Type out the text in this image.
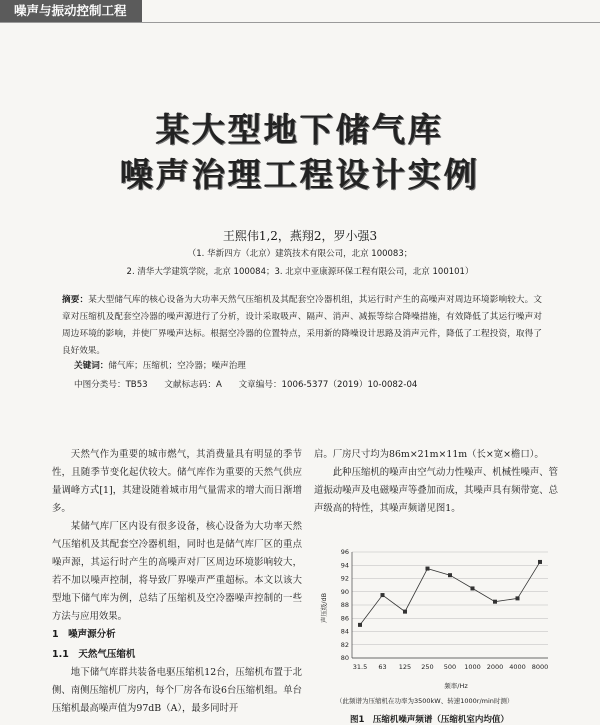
噪声与振动控制工程
某大型地下储气库
噪声治理工程设计实例
王熙伟1,2，燕翔2，罗小强3
（1. 华新四方（北京）建筑技术有限公司，北京 100083；
2. 清华大学建筑学院，北京 100084；3. 北京中亚康源环保工程有限公司，北京 100101）
摘要：某大型储气库的核心设备为大功率天然气压缩机及其配套空冷器机组，其运行时产生的高噪声对周边环境影响较大。文章对压缩机及配套空冷器的噪声源进行了分析，设计采取吸声、隔声、消声、减振等综合降噪措施，有效降低了其运行噪声对周边环境的影响，并使厂界噪声达标。根据空冷器的位置特点，采用新的降噪设计思路及消声元件，降低了工程投资，取得了良好效果。
关键词：储气库；压缩机；空冷器；噪声治理
中图分类号：TB53 文献标志码：A 文章编号：1006-5377（2019）10-0082-04

天然气作为重要的城市燃气，其消费量具有明显的季节性，且随季节变化起伏较大。储气库作为重要的天然气供应量调峰方式[1]，其建设随着城市用气量需求的增大而日渐增多。

某储气库厂区内设有很多设备，核心设备为大功率天然气压缩机及其配套空冷器机组，同时也是储气库厂区的重点噪声源，其运行时产生的高噪声对厂区周边环境影响较大，若不加以噪声控制，将导致厂界噪声严重超标。本文以该大型地下储气库为例，总结了压缩机及空冷器噪声控制的一些方法与应用效果。

1　噪声源分析
1.1　天然气压缩机

地下储气库群共装备电驱压缩机12台，压缩机布置于北侧、南侧压缩机厂房内，每个厂房各布设6台压缩机组。单台压缩机最高噪声值为97dB（A），最多同时开

启。厂房尺寸均为86m×21m×11m（长×宽×檐口）。

此种压缩机的噪声由空气动力性噪声、机械性噪声、管道振动噪声及电磁噪声等叠加而成，其噪声具有频带宽、总声级高的特性，其噪声频谱见图1。

80
82
84
86
88
90
92
94
96
31.5 63 125 250 500 1000 2000 4000 8000
声压级/dB
频率/Hz
（此频谱为压缩机在功率为3500kW、转速1000r/min时测）
图1　压缩机噪声频谱（压缩机室内均值）
